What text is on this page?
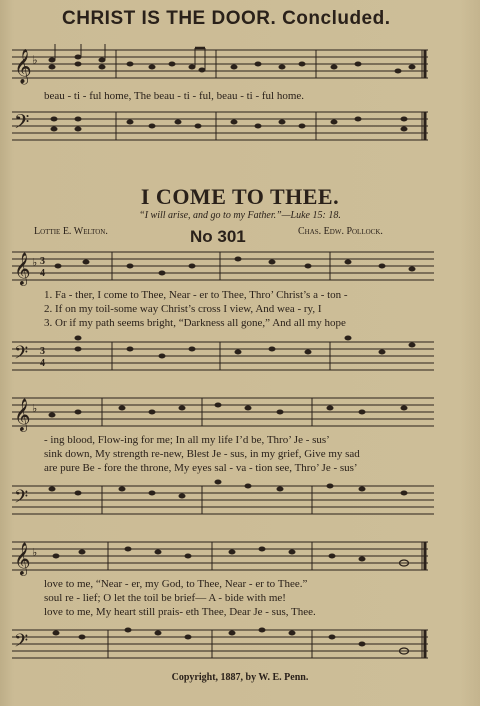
CHRIST IS THE DOOR. Concluded.
𝄞 ♭
beau - ti - ful home, The beau - ti - ful, beau - ti - ful home.
𝄢
I COME TO THEE.
“I will arise, and go to my Father.”—Luke 15: 18.
Lottie E. Welton.	No 301	Chas. Edw. Pollock.
𝄞 ♭ 3
4
1. Fa - ther, I come to Thee, Near - er to Thee, Thro’ Christ’s a - ton -
2. If on my toil-some way Christ’s cross I view, And wea - ry, I
3. Or if my path seems bright, “Darkness all gone,” And all my hope
𝄢 3
4
𝄞 ♭
- ing blood, Flow-ing for me; In all my life I’d be, Thro’ Je - sus’
sink down, My strength re-new, Blest Je - sus, in my grief, Give my sad
are pure Be - fore the throne, My eyes sal - va - tion see, Thro’ Je - sus’
𝄢
𝄞 ♭
love to me, “Near - er, my God, to Thee, Near - er to Thee.”
soul re - lief; O let the toil be brief— A - bide with me!
love to me, My heart still prais- eth Thee, Dear Je - sus, Thee.
𝄢
Copyright, 1887, by W. E. Penn.
